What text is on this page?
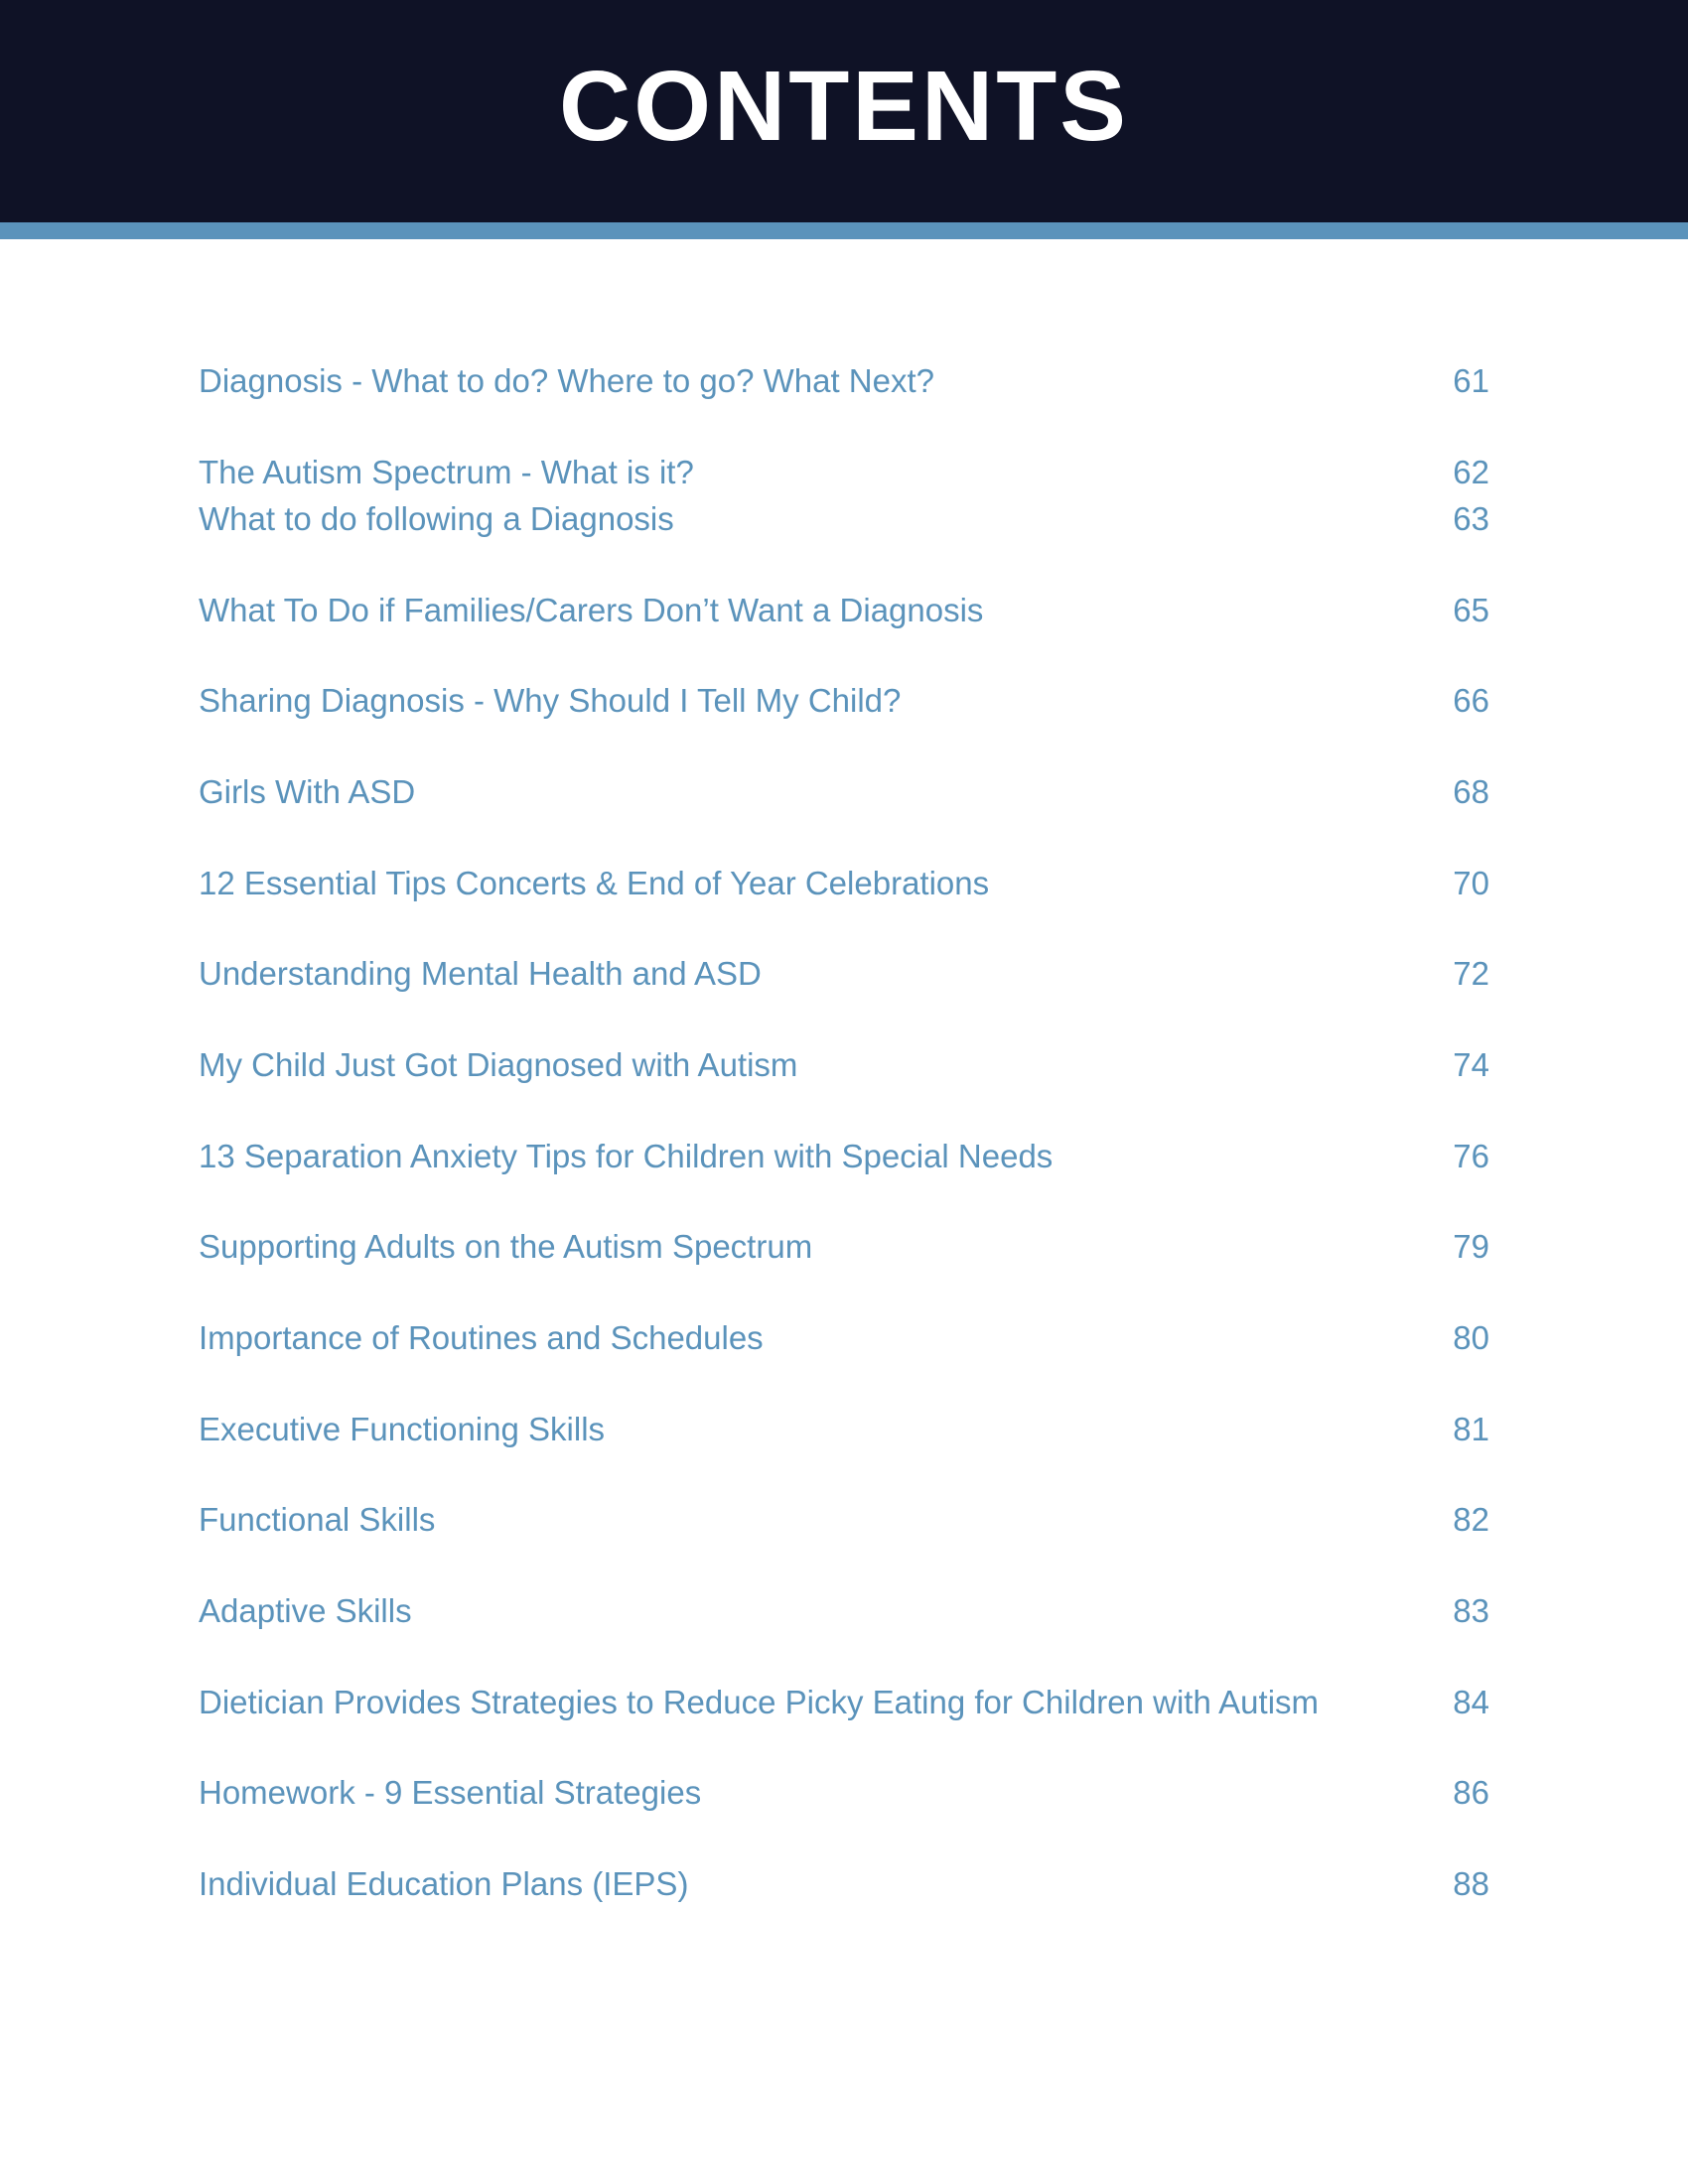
CONTENTS
Diagnosis - What to do? Where to go? What Next?	61
The Autism Spectrum - What is it?	62
What to do following a Diagnosis	63
What To Do if Families/Carers Don’t Want a Diagnosis	65
Sharing Diagnosis - Why Should I Tell My Child?	66
Girls With ASD	68
12 Essential Tips Concerts & End of Year Celebrations	70
Understanding Mental Health and ASD	72
My Child Just Got Diagnosed with Autism	74
13 Separation Anxiety Tips for Children with Special Needs	76
Supporting Adults on the Autism Spectrum	79
Importance of Routines and Schedules	80
Executive Functioning Skills	81
Functional Skills	82
Adaptive Skills	83
Dietician Provides Strategies to Reduce Picky Eating for Children with Autism	84
Homework - 9 Essential Strategies	86
Individual Education Plans (IEPS)	88
